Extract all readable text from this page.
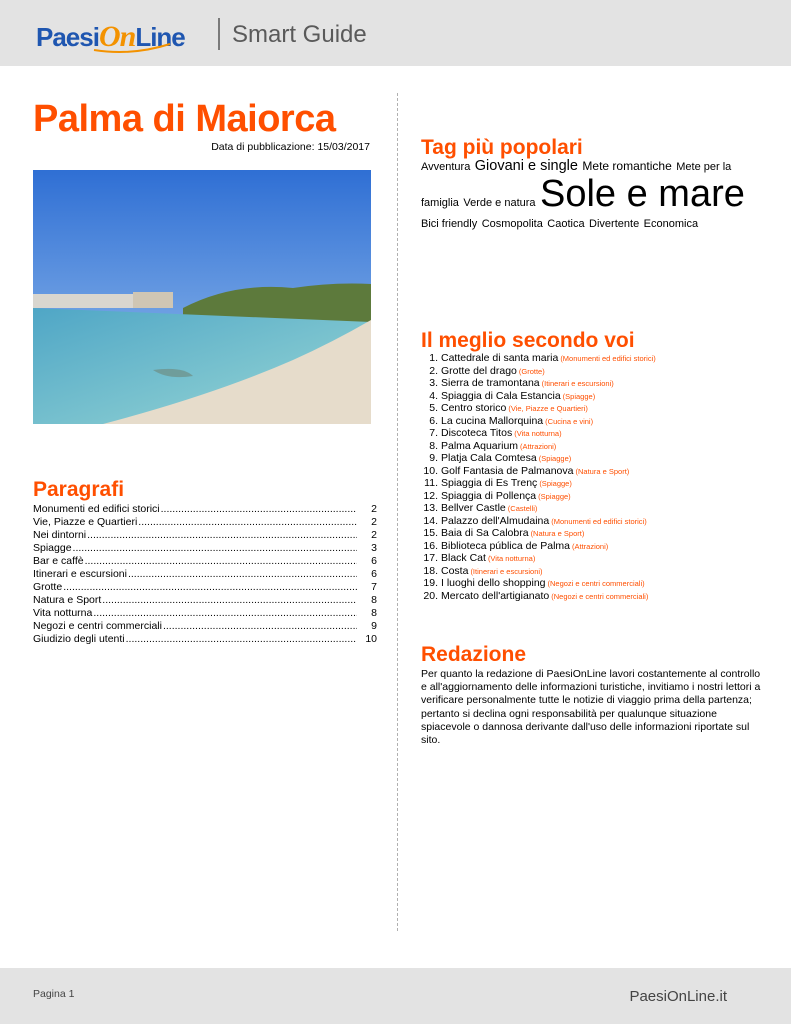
PaesiOnLine Smart Guide
Palma di Maiorca
Data di pubblicazione: 15/03/2017
Paragrafi
Monumenti ed edifici storici .....	2
Vie, Piazze e Quartieri .....	2
Nei dintorni .....	2
Spiagge .....	3
Bar e caffè .....	6
Itinerari e escursioni .....	6
Grotte .....	7
Natura e Sport .....	8
Vita notturna .....	8
Negozi e centri commerciali .....	9
Giudizio degli utenti .....	10
Tag più popolari
Avventura Giovani e single Mete romantiche Mete per la famiglia Verde e natura Sole e mare Bici friendly Cosmopolita Caotica Divertente Economica
Il meglio secondo voi
1. Cattedrale di santa maria (Monumenti ed edifici storici)
2. Grotte del drago (Grotte)
3. Sierra de tramontana (Itinerari e escursioni)
4. Spiaggia di Cala Estancia (Spiagge)
5. Centro storico (Vie, Piazze e Quartieri)
6. La cucina Mallorquina (Cucina e vini)
7. Discoteca Titos (Vita notturna)
8. Palma Aquarium (Attrazioni)
9. Platja Cala Comtesa (Spiagge)
10. Golf Fantasia de Palmanova (Natura e Sport)
11. Spiaggia di Es Trenç (Spiagge)
12. Spiaggia di Pollença (Spiagge)
13. Bellver Castle (Castelli)
14. Palazzo dell'Almudaina (Monumenti ed edifici storici)
15. Baia di Sa Calobra (Natura e Sport)
16. Biblioteca pública de Palma (Attrazioni)
17. Black Cat (Vita notturna)
18. Costa (Itinerari e escursioni)
19. I luoghi dello shopping (Negozi e centri commerciali)
20. Mercato dell'artigianato (Negozi e centri commerciali)
Redazione

Per quanto la redazione di PaesiOnLine lavori costantemente al controllo e all'aggiornamento delle informazioni turistiche, invitiamo i nostri lettori a verificare personalmente tutte le notizie di viaggio prima della partenza; pertanto si declina ogni responsabilità per qualunque situazione spiacevole o dannosa derivante dall'uso delle informazioni riportate sul sito.

Pagina 1	PaesiOnLine.it
